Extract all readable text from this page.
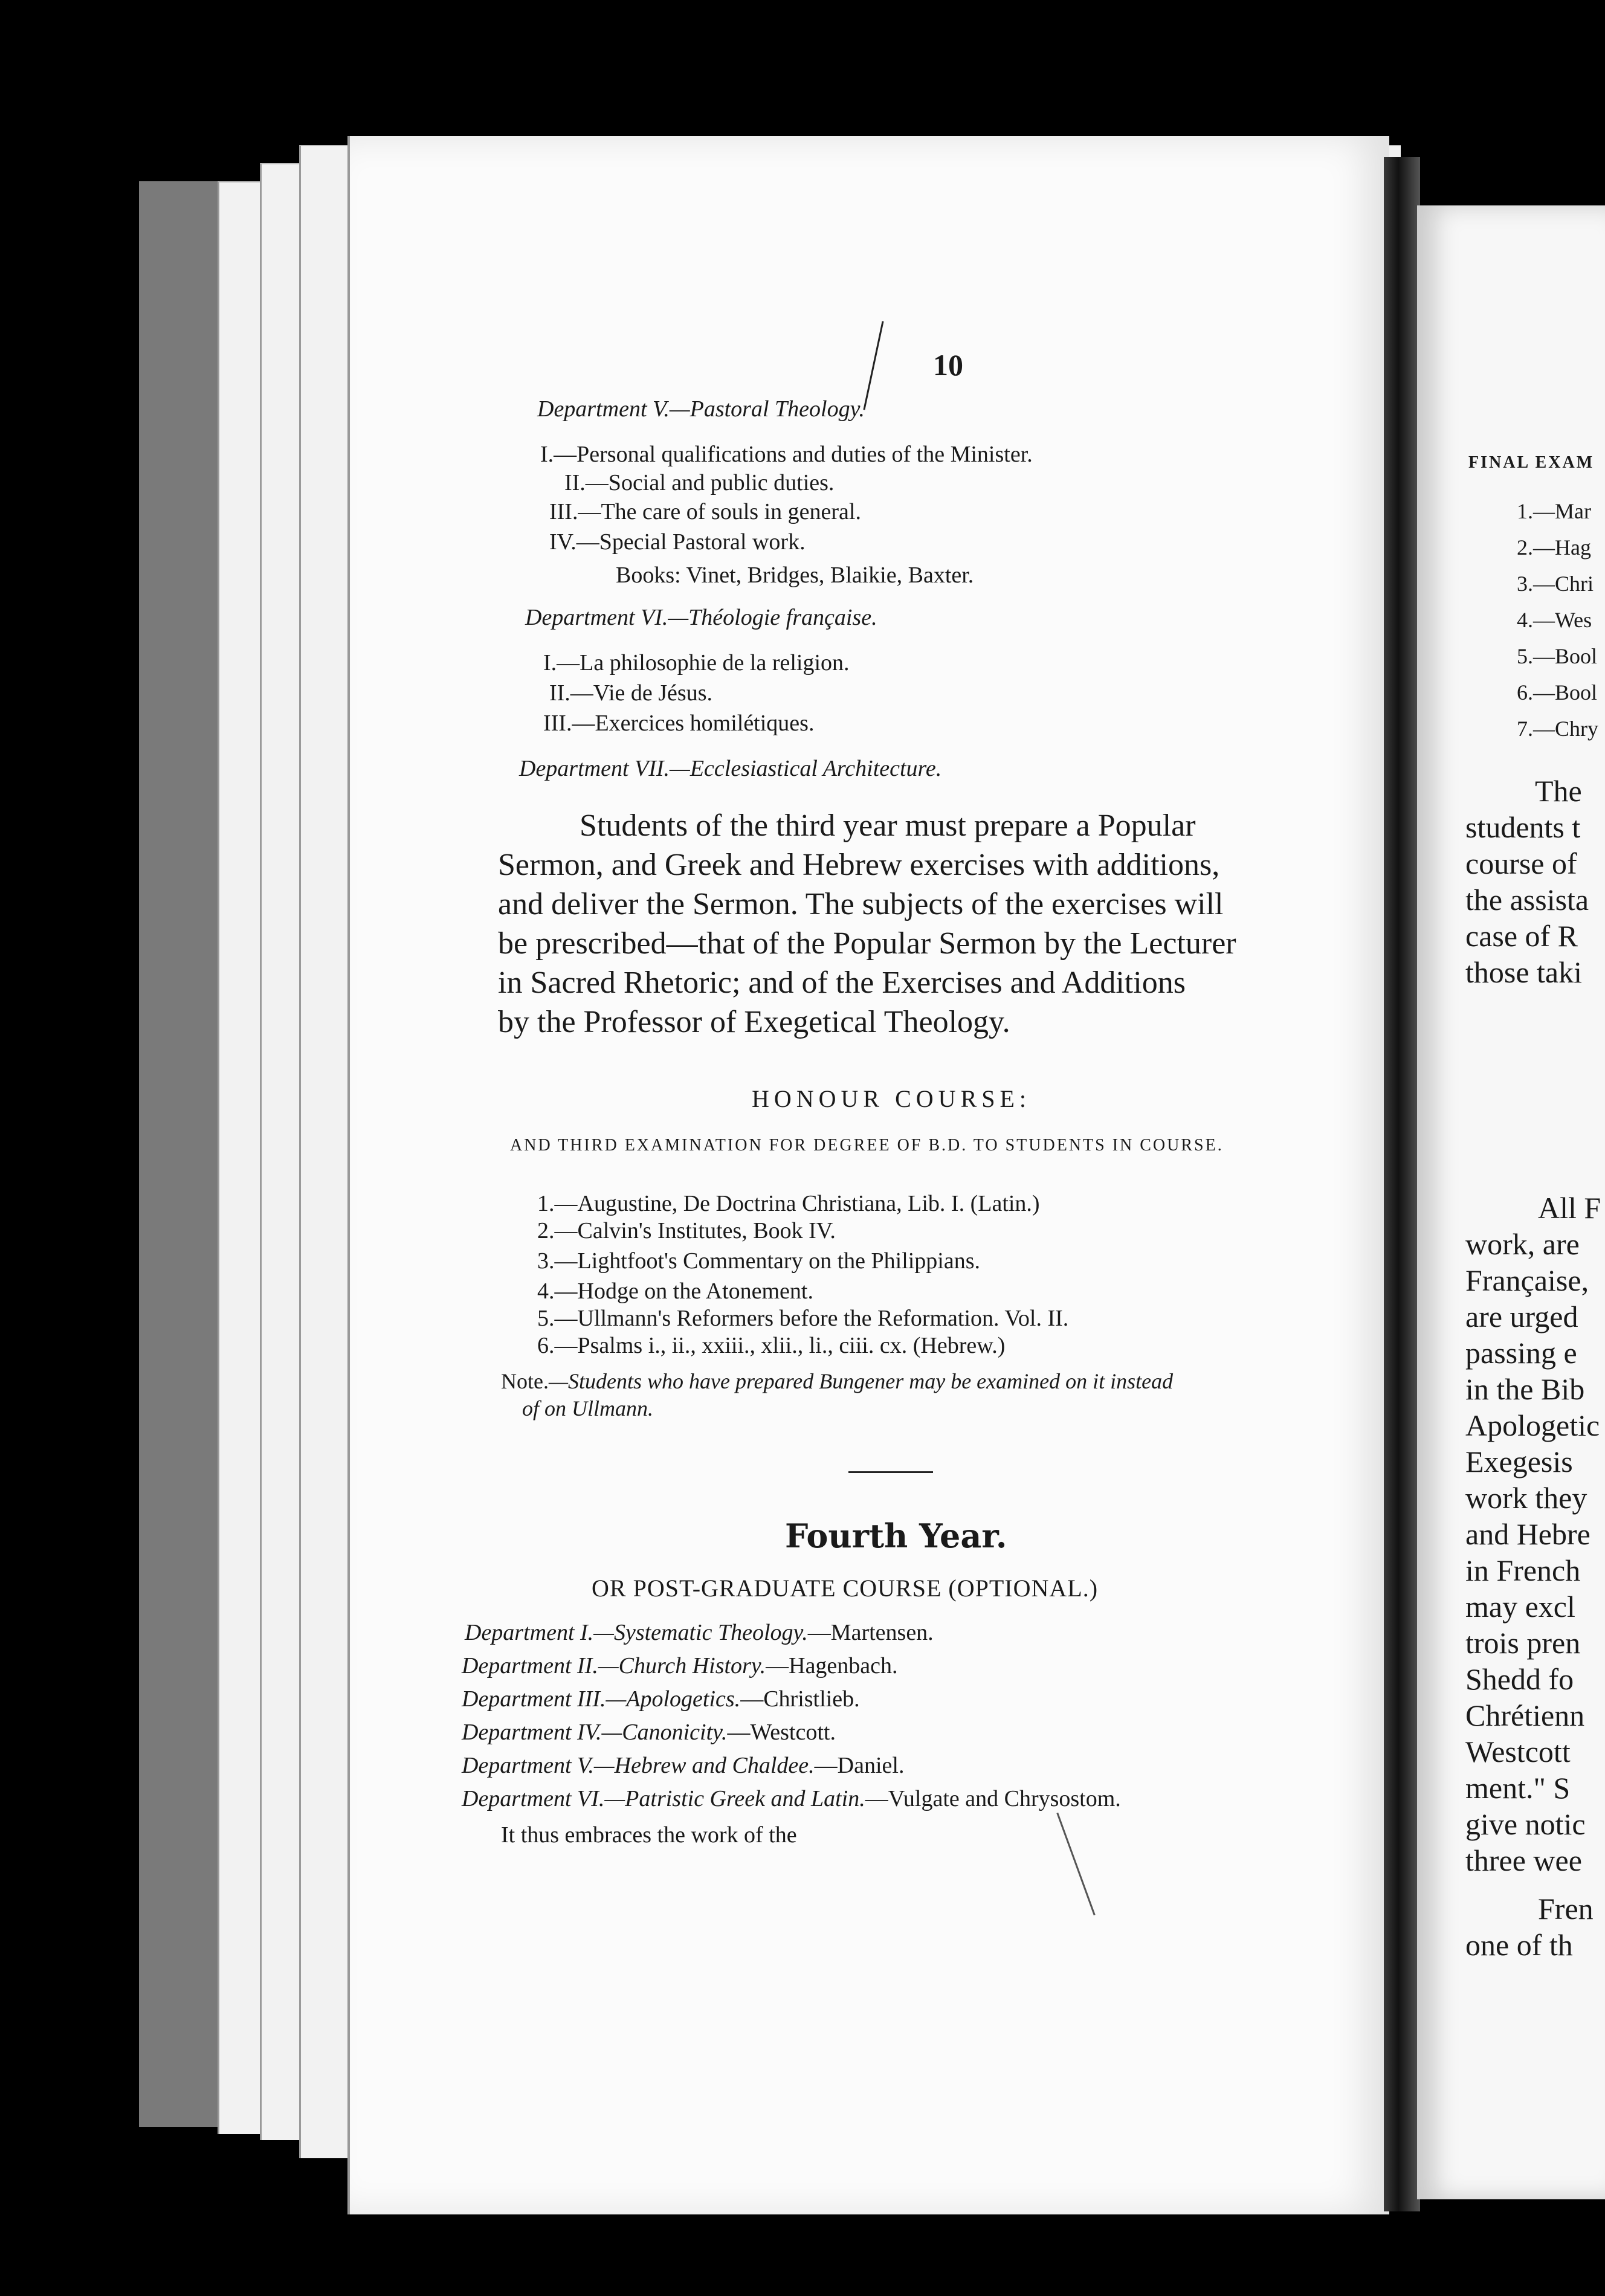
10
Department V.—Pastoral Theology.
I.—Personal qualifications and duties of the Minister.
II.—Social and public duties.
III.—The care of souls in general.
IV.—Special Pastoral work.
Books: Vinet, Bridges, Blaikie, Baxter.
Department VI.—Théologie française.
I.—La philosophie de la religion.
II.—Vie de Jésus.
III.—Exercices homilétiques.
Department VII.—Ecclesiastical Architecture.
Students of the third year must prepare a Popular
Sermon, and Greek and Hebrew exercises with additions,
and deliver the Sermon. The subjects of the exercises will
be prescribed—that of the Popular Sermon by the Lecturer
in Sacred Rhetoric; and of the Exercises and Additions
by the Professor of Exegetical Theology.
HONOUR COURSE:
AND THIRD EXAMINATION FOR DEGREE OF B.D. TO STUDENTS IN COURSE.
1.—Augustine, De Doctrina Christiana, Lib. I. (Latin.)
2.—Calvin's Institutes, Book IV.
3.—Lightfoot's Commentary on the Philippians.
4.—Hodge on the Atonement.
5.—Ullmann's Reformers before the Reformation. Vol. II.
6.—Psalms i., ii., xxiii., xlii., li., ciii. cx. (Hebrew.)
Note.—Students who have prepared Bungener may be examined on it instead
of on Ullmann.
Fourth Year.
OR POST-GRADUATE COURSE (OPTIONAL.)
Department I.—Systematic Theology.—Martensen.
Department II.—Church History.—Hagenbach.
Department III.—Apologetics.—Christlieb.
Department IV.—Canonicity.—Westcott.
Department V.—Hebrew and Chaldee.—Daniel.
Department VI.—Patristic Greek and Latin.—Vulgate and Chrysostom.
It thus embraces the work of the
FINAL EXAM
1.—Mar
2.—Hag
3.—Chri
4.—Wes
5.—Bool
6.—Bool
7.—Chry
The
students t
course of
the assista
case of R
those taki
All F
work, are
Française,
are urged
passing e
in the Bib
Apologetic
Exegesis
work they
and Hebre
in French
may excl
trois pren
Shedd fo
Chrétienn
Westcott
ment." S
give notic
three wee
Fren
one of th
